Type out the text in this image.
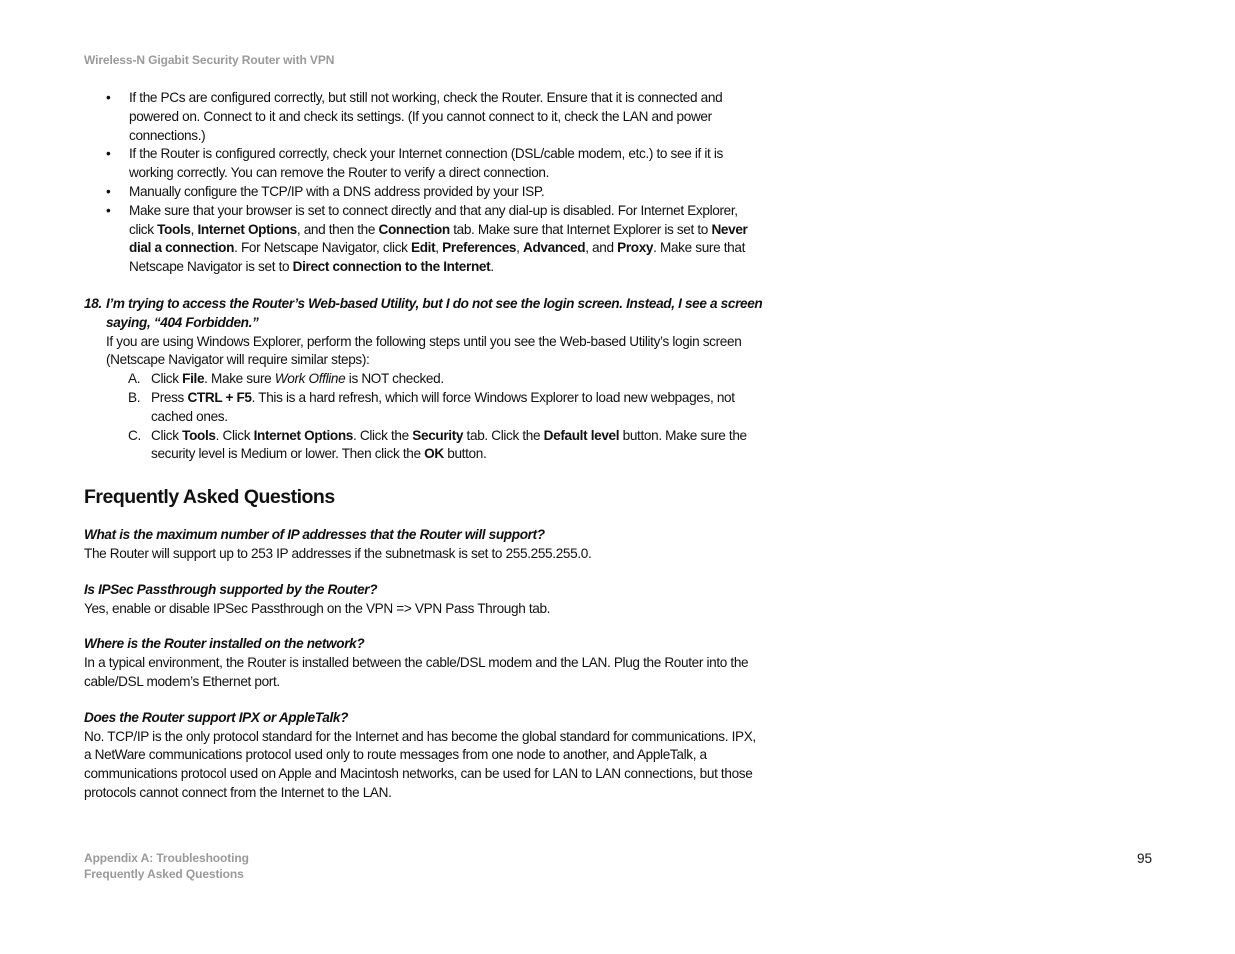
Wireless-N Gigabit Security Router with VPN
• If the PCs are configured correctly, but still not working, check the Router. Ensure that it is connected and powered on. Connect to it and check its settings. (If you cannot connect to it, check the LAN and power connections.)
• If the Router is configured correctly, check your Internet connection (DSL/cable modem, etc.) to see if it is working correctly. You can remove the Router to verify a direct connection.
• Manually configure the TCP/IP with a DNS address provided by your ISP.
• Make sure that your browser is set to connect directly and that any dial-up is disabled. For Internet Explorer, click Tools, Internet Options, and then the Connection tab. Make sure that Internet Explorer is set to Never dial a connection. For Netscape Navigator, click Edit, Preferences, Advanced, and Proxy. Make sure that Netscape Navigator is set to Direct connection to the Internet.
18. I’m trying to access the Router’s Web-based Utility, but I do not see the login screen. Instead, I see a screen saying, “404 Forbidden.”
If you are using Windows Explorer, perform the following steps until you see the Web-based Utility’s login screen (Netscape Navigator will require similar steps):
A. Click File. Make sure Work Offline is NOT checked.
B. Press CTRL + F5. This is a hard refresh, which will force Windows Explorer to load new webpages, not cached ones.
C. Click Tools. Click Internet Options. Click the Security tab. Click the Default level button. Make sure the security level is Medium or lower. Then click the OK button.
Frequently Asked Questions
What is the maximum number of IP addresses that the Router will support?
The Router will support up to 253 IP addresses if the subnetmask is set to 255.255.255.0.
Is IPSec Passthrough supported by the Router?
Yes, enable or disable IPSec Passthrough on the VPN => VPN Pass Through tab.
Where is the Router installed on the network?
In a typical environment, the Router is installed between the cable/DSL modem and the LAN. Plug the Router into the cable/DSL modem’s Ethernet port.
Does the Router support IPX or AppleTalk?
No. TCP/IP is the only protocol standard for the Internet and has become the global standard for communications. IPX, a NetWare communications protocol used only to route messages from one node to another, and AppleTalk, a communications protocol used on Apple and Macintosh networks, can be used for LAN to LAN connections, but those protocols cannot connect from the Internet to the LAN.
Appendix A: Troubleshooting
Frequently Asked Questions
95
